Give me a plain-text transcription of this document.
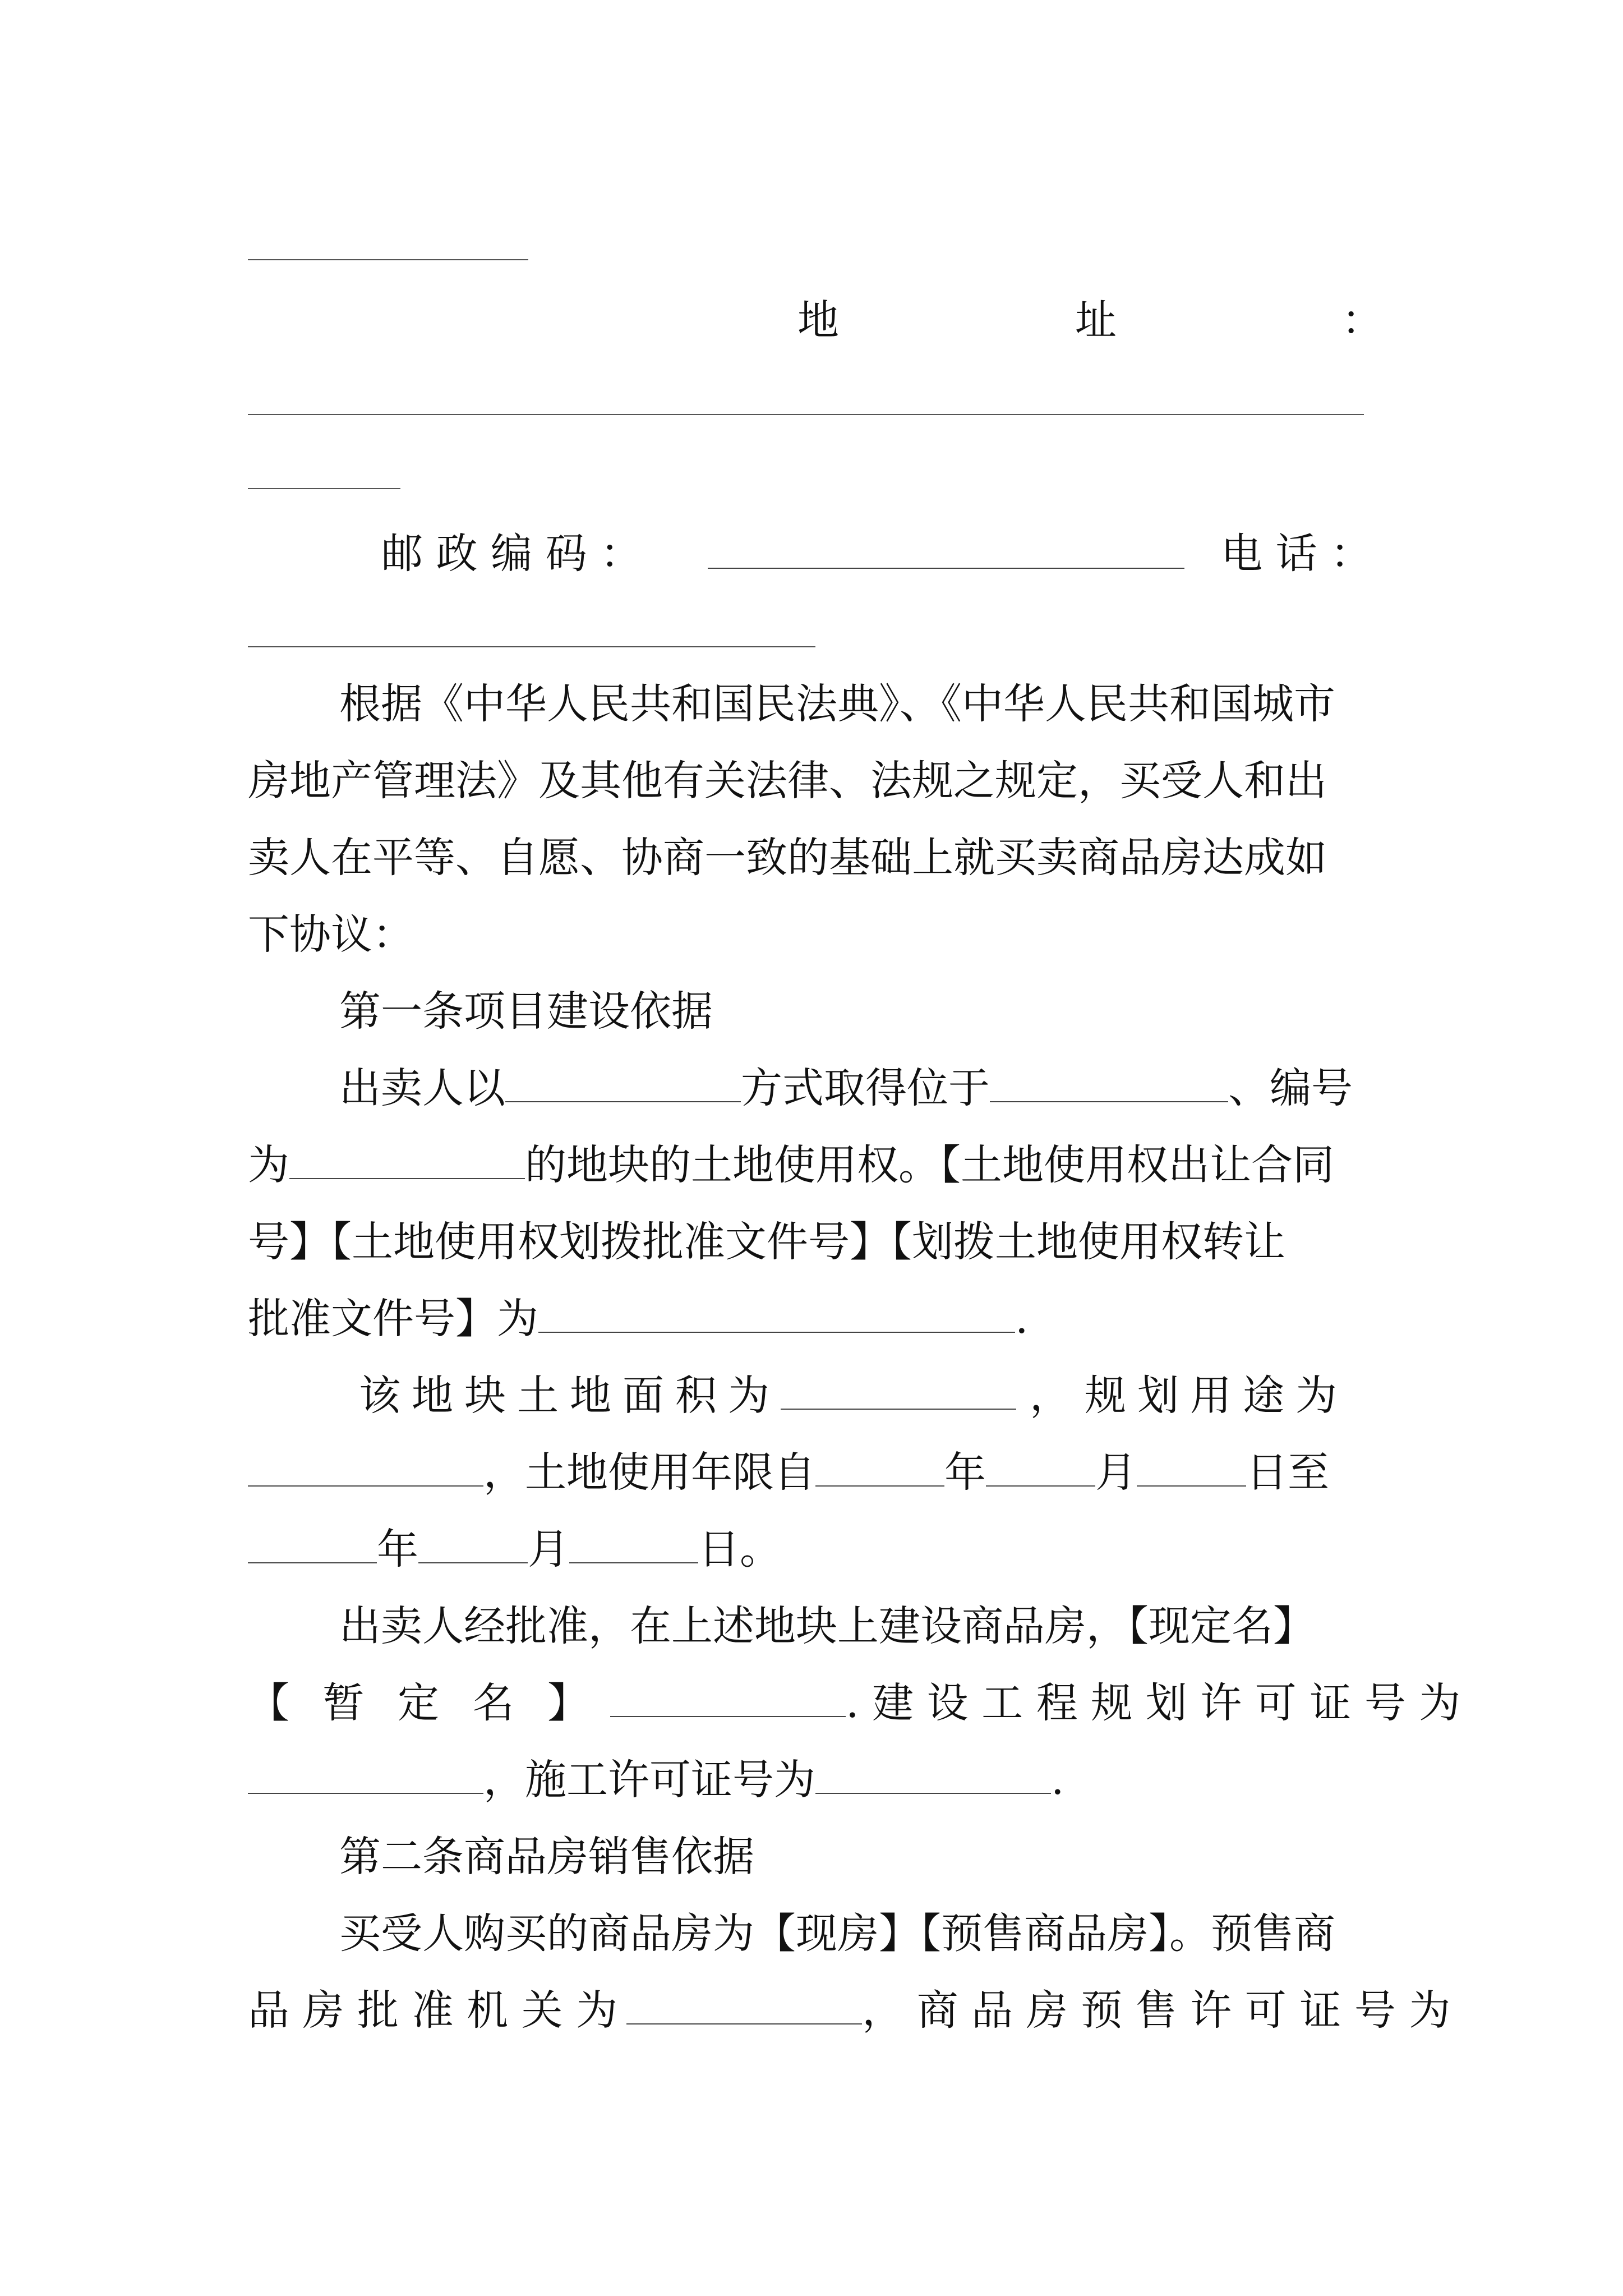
地	址	：
邮 政 编 码 ：	电 话 ：
根据《中华人民共和国民法典》、《中华人民共和国城市
房地产管理法》及其他有关法律、法规之规定，买受人和出
卖人在平等、自愿、协商一致的基础上就买卖商品房达成如
下协议：
第一条项目建设依据
出卖人以	方式取得位于	、编号
为	的地块的土地使用权。【土地使用权出让合同
号】【土地使用权划拨批准文件号】【划拨土地使用权转让
批准文件号】为	.
该地块土地面积为	， 规划用途为
，土地使用年限自	年	月	日至
年	月	日。
出卖人经批准，在上述地块上建设商品房，【现定名】
【 暂 定 名 】	. 建 设 工 程 规 划 许 可 证 号 为
，施工许可证号为	.
第二条商品房销售依据
买受人购买的商品房为【现房】【预售商品房】。预售商
品 房 批 准 机 关 为	， 商 品 房 预 售 许 可 证 号 为
